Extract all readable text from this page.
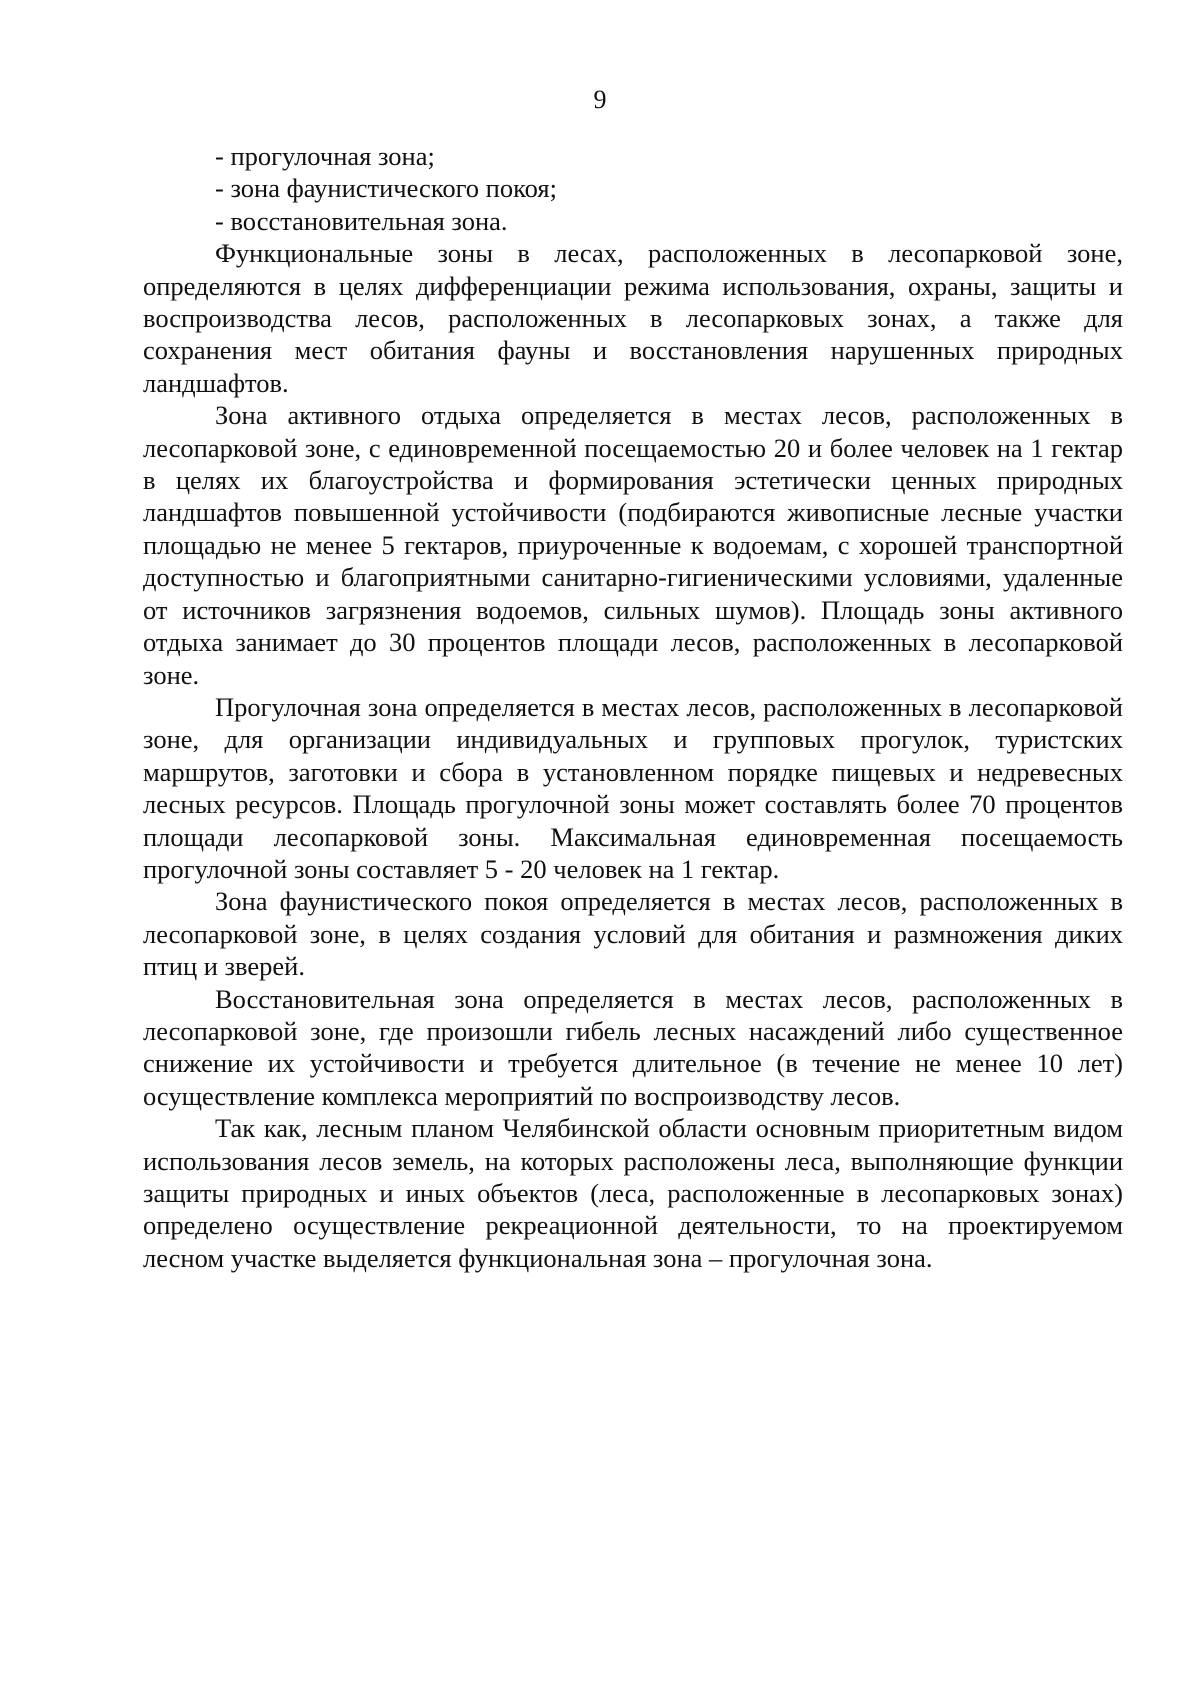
9

- прогулочная зона;

- зона фаунистического покоя;

- восстановительная зона.

Функциональные зоны в лесах, расположенных в лесопарковой зоне, определяются в целях дифференциации режима использования, охраны, защиты и воспроизводства лесов, расположенных в лесопарковых зонах, а также для сохранения мест обитания фауны и восстановления нарушенных природных ландшафтов.

Зона активного отдыха определяется в местах лесов, расположенных в лесопарковой зоне, с единовременной посещаемостью 20 и более человек на 1 гектар в целях их благоустройства и формирования эстетически ценных природных ландшафтов повышенной устойчивости (подбираются живописные лесные участки площадью не менее 5 гектаров, приуроченные к водоемам, с хорошей транспортной доступностью и благоприятными санитарно-гигиеническими условиями, удаленные от источников загрязнения водоемов, сильных шумов). Площадь зоны активного отдыха занимает до 30 процентов площади лесов, расположенных в лесопарковой зоне.

Прогулочная зона определяется в местах лесов, расположенных в лесопарковой зоне, для организации индивидуальных и групповых прогулок, туристских маршрутов, заготовки и сбора в установленном порядке пищевых и недревесных лесных ресурсов. Площадь прогулочной зоны может составлять более 70 процентов площади лесопарковой зоны. Максимальная единовременная посещаемость прогулочной зоны составляет 5 - 20 человек на 1 гектар.

Зона фаунистического покоя определяется в местах лесов, расположенных в лесопарковой зоне, в целях создания условий для обитания и размножения диких птиц и зверей.

Восстановительная зона определяется в местах лесов, расположенных в лесопарковой зоне, где произошли гибель лесных насаждений либо существенное снижение их устойчивости и требуется длительное (в течение не менее 10 лет) осуществление комплекса мероприятий по воспроизводству лесов.

Так как, лесным планом Челябинской области основным приоритетным видом использования лесов земель, на которых расположены леса, выполняющие функции защиты природных и иных объектов (леса, расположенные в лесопарковых зонах) определено осуществление рекреационной деятельности, то на проектируемом лесном участке выделяется функциональная зона – прогулочная зона.
